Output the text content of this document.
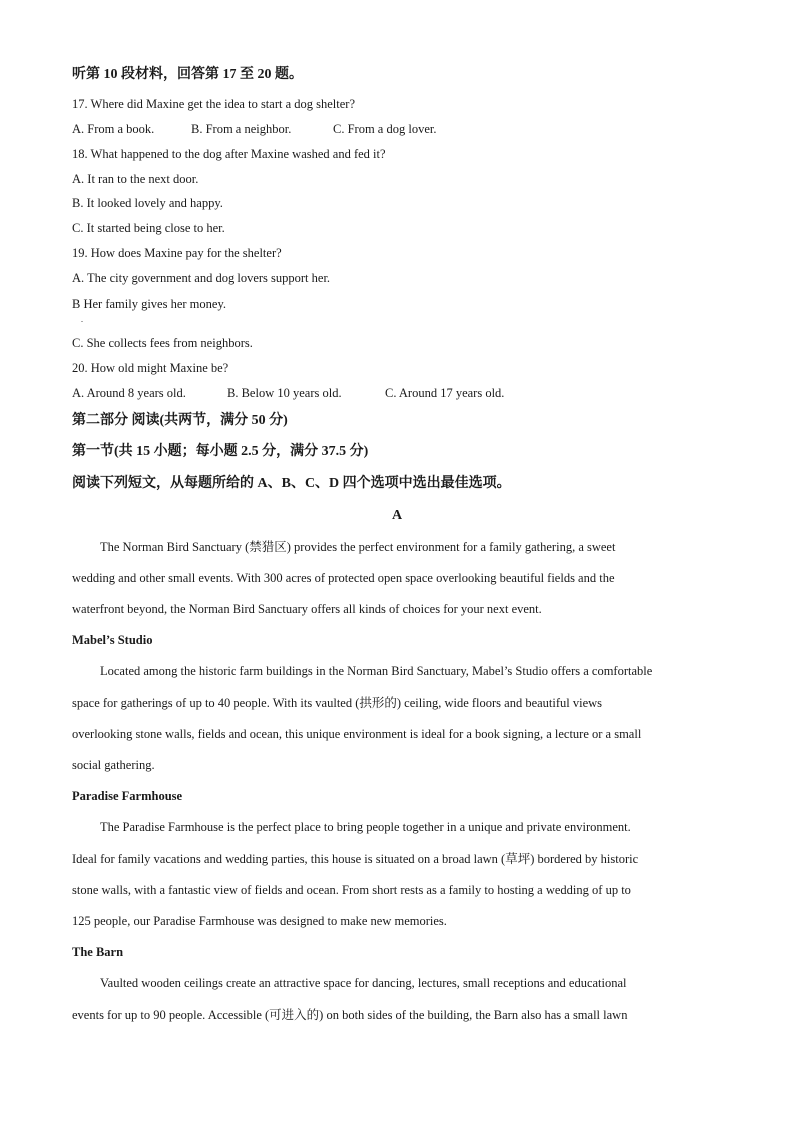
听第 10 段材料，回答第 17 至 20 题。
17. Where did Maxine get the idea to start a dog shelter?
A. From a book.	B. From a neighbor.	C. From a dog lover.
18. What happened to the dog after Maxine washed and fed it?
A. It ran to the next door.
B. It looked lovely and happy.
C. It started being close to her.
19. How does Maxine pay for the shelter?
A. The city government and dog lovers support her.
B Her family gives her money.
.
C. She collects fees from neighbors.
20. How old might Maxine be?
A. Around 8 years old.	B. Below 10 years old.	C. Around 17 years old.
第二部分 阅读(共两节，满分 50 分)
第一节(共 15 小题；每小题 2.5 分，满分 37.5 分)
阅读下列短文，从每题所给的 A、B、C、D 四个选项中选出最佳选项。
A
The Norman Bird Sanctuary (禁猎区) provides the perfect environment for a family gathering, a sweet
wedding and other small events. With 300 acres of protected open space overlooking beautiful fields and the
waterfront beyond, the Norman Bird Sanctuary offers all kinds of choices for your next event.
Mabel’s Studio
Located among the historic farm buildings in the Norman Bird Sanctuary, Mabel’s Studio offers a comfortable
space for gatherings of up to 40 people. With its vaulted (拱形的) ceiling, wide floors and beautiful views
overlooking stone walls, fields and ocean, this unique environment is ideal for a book signing, a lecture or a small
social gathering.
Paradise Farmhouse
The Paradise Farmhouse is the perfect place to bring people together in a unique and private environment.
Ideal for family vacations and wedding parties, this house is situated on a broad lawn (草坪) bordered by historic
stone walls, with a fantastic view of fields and ocean. From short rests as a family to hosting a wedding of up to
125 people, our Paradise Farmhouse was designed to make new memories.
The Barn
Vaulted wooden ceilings create an attractive space for dancing, lectures, small receptions and educational
events for up to 90 people. Accessible (可进入的) on both sides of the building, the Barn also has a small lawn
